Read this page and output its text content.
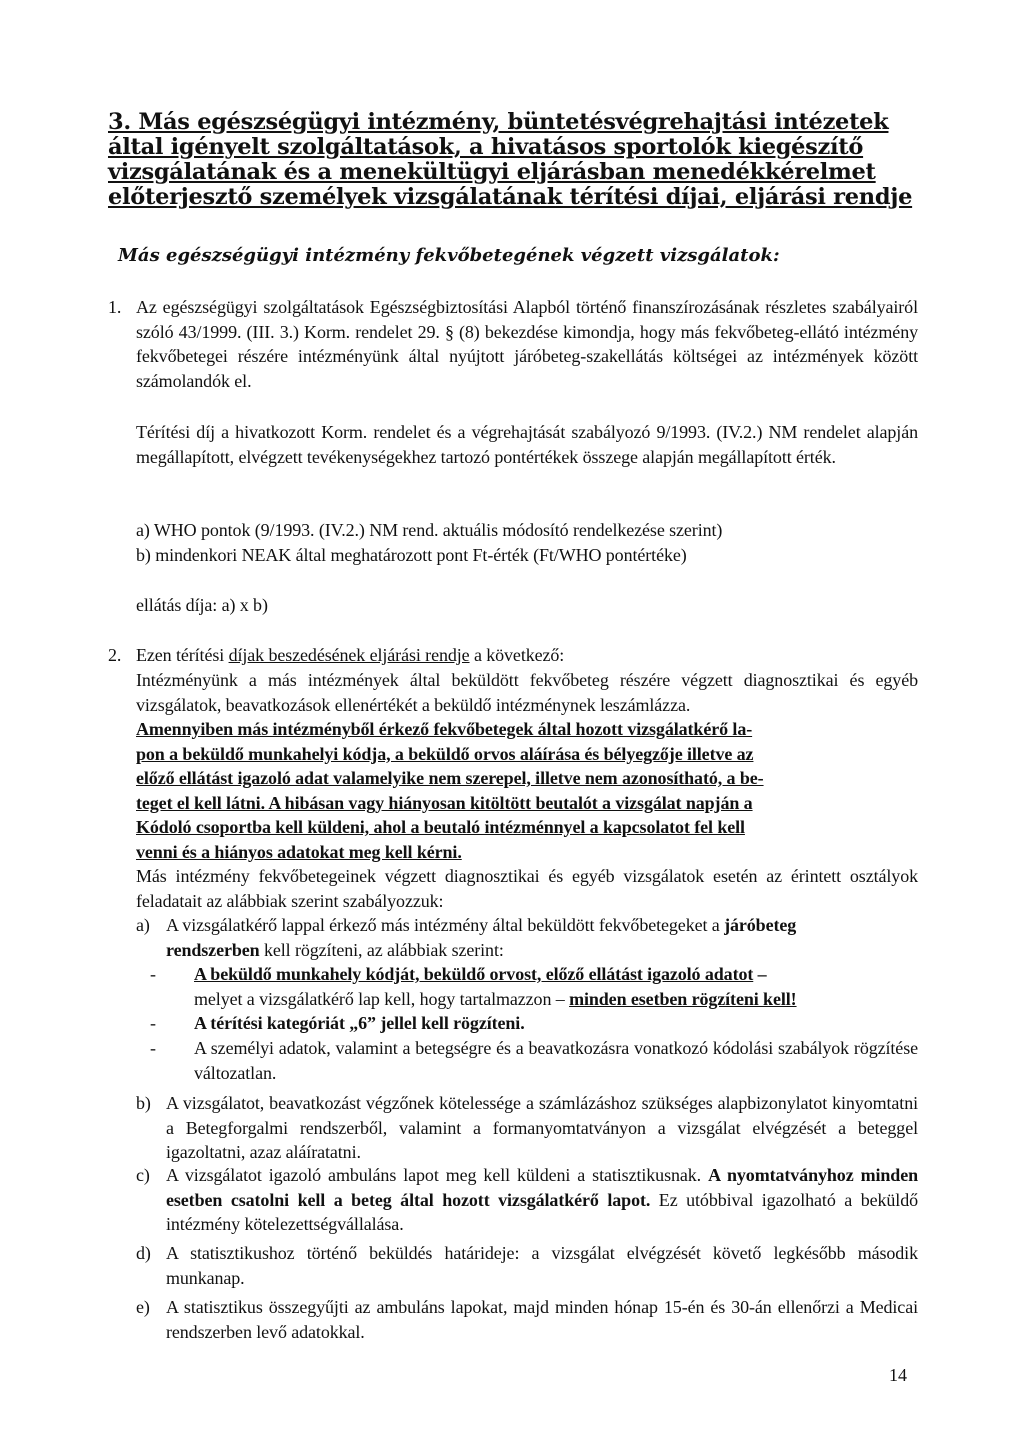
3. Más egészségügyi intézmény, büntetésvégrehajtási intézetek által igényelt szolgáltatások, a hivatásos sportolók kiegészítő vizsgálatának és a menekültügyi eljárásban menedékkérelmet előterjesztő személyek vizsgálatának térítési díjai, eljárási rendje
Más egészségügyi intézmény fekvőbetegének végzett vizsgálatok:
1. Az egészségügyi szolgáltatások Egészségbiztosítási Alapból történő finanszírozásának részletes szabályairól szóló 43/1999. (III. 3.) Korm. rendelet 29. § (8) bekezdése kimondja, hogy más fekvőbeteg-ellátó intézmény fekvőbetegei részére intézményünk által nyújtott járóbeteg-szakellátás költségei az intézmények között számolandók el.
Térítési díj a hivatkozott Korm. rendelet és a végrehajtását szabályozó 9/1993. (IV.2.) NM rendelet alapján megállapított, elvégzett tevékenységekhez tartozó pontértékek összege alapján megállapított érték.
a) WHO pontok (9/1993. (IV.2.) NM rend. aktuális módosító rendelkezése szerint)
b) mindenkori NEAK által meghatározott pont Ft-érték (Ft/WHO pontértéke)
ellátás díja: a) x b)
2. Ezen térítési díjak beszedésének eljárási rendje a következő:
Intézményünk a más intézmények által beküldött fekvőbeteg részére végzett diagnosztikai és egyéb vizsgálatok, beavatkozások ellenértékét a beküldő intézménynek leszámlázza.
Amennyiben más intézményből érkező fekvőbetegek által hozott vizsgálatkérő la-
pon a beküldő munkahelyi kódja, a beküldő orvos aláírása és bélyegzője illetve az
előző ellátást igazoló adat valamelyike nem szerepel, illetve nem azonosítható, a be-
teget el kell látni. A hibásan vagy hiányosan kitöltött beutalót a vizsgálat napján a
Kódoló csoportba kell küldeni, ahol a beutaló intézménnyel a kapcsolatot fel kell
venni és a hiányos adatokat meg kell kérni.
Más intézmény fekvőbetegeinek végzett diagnosztikai és egyéb vizsgálatok esetén az érintett osztályok feladatait az alábbiak szerint szabályozzuk:
a) A vizsgálatkérő lappal érkező más intézmény által beküldött fekvőbetegeket a járóbeteg
rendszerben kell rögzíteni, az alábbiak szerint:
- A beküldő munkahely kódját, beküldő orvost, előző ellátást igazoló adatot –
melyet a vizsgálatkérő lap kell, hogy tartalmazzon – minden esetben rögzíteni kell!
- A térítési kategóriát „6” jellel kell rögzíteni.
- A személyi adatok, valamint a betegségre és a beavatkozásra vonatkozó kódolási szabályok rögzítése változatlan.
b) A vizsgálatot, beavatkozást végzőnek kötelessége a számlázáshoz szükséges alapbizonylatot kinyomtatni a Betegforgalmi rendszerből, valamint a formanyomtatványon a vizsgálat elvégzését a beteggel igazoltatni, azaz aláíratatni.
c) A vizsgálatot igazoló ambuláns lapot meg kell küldeni a statisztikusnak. A nyomtatványhoz minden esetben csatolni kell a beteg által hozott vizsgálatkérő lapot. Ez utóbbival igazolható a beküldő intézmény kötelezettségvállalása.
d) A statisztikushoz történő beküldés határideje: a vizsgálat elvégzését követő legkésőbb második munkanap.
e) A statisztikus összegyűjti az ambuláns lapokat, majd minden hónap 15-én és 30-án ellenőrzi a Medicai rendszerben levő adatokkal.
14
